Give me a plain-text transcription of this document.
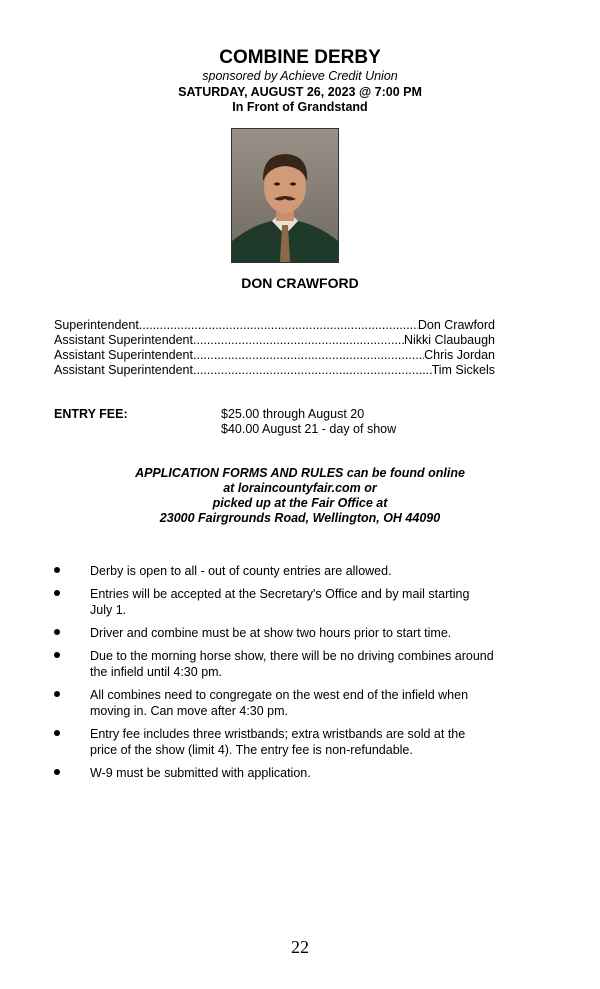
COMBINE DERBY
sponsored by Achieve Credit Union
SATURDAY, AUGUST 26, 2023 @ 7:00 PM
In Front of Grandstand
DON CRAWFORD
Superintendent .....	Don Crawford
Assistant Superintendent .....	Nikki Claubaugh
Assistant Superintendent .....	Chris Jordan
Assistant Superintendent .....	Tim Sickels
ENTRY FEE:	$25.00 through August 20
$40.00 August 21 - day of show
APPLICATION FORMS AND RULES can be found online
at loraincountyfair.com or
picked up at the Fair Office at
23000 Fairgrounds Road, Wellington, OH 44090
Derby is open to all - out of county entries are allowed.
Entries will be accepted at the Secretary's Office and by mail starting July 1.
Driver and combine must be at show two hours prior to start time.
Due to the morning horse show, there will be no driving combines around the infield until 4:30 pm.
All combines need to congregate on the west end of the infield when moving in. Can move after 4:30 pm.
Entry fee includes three wristbands; extra wristbands are sold at the price of the show (limit 4). The entry fee is non-refundable.
W-9 must be submitted with application.
22
